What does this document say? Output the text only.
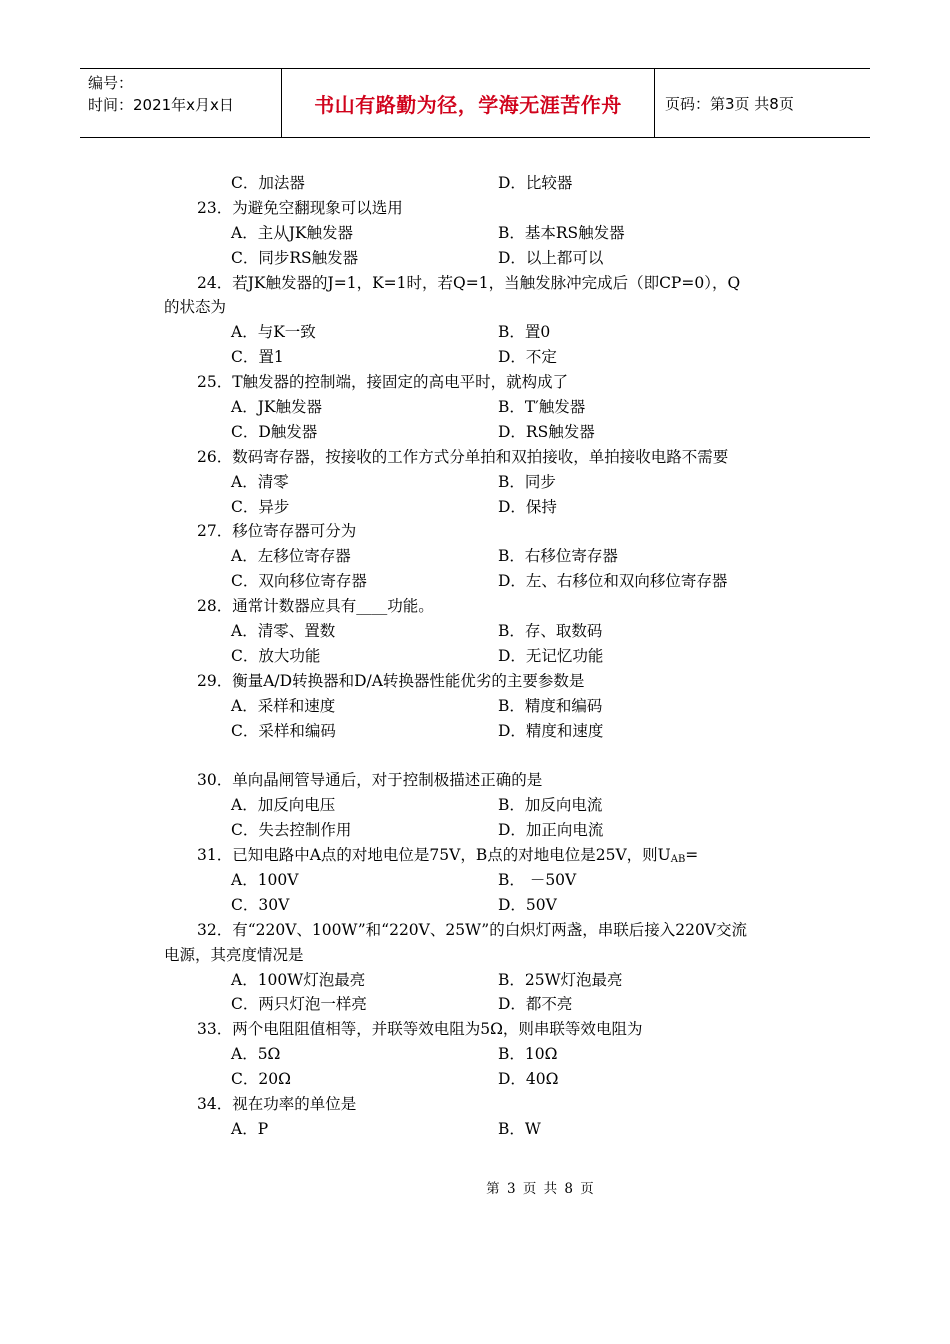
编号：
时间：2021年x月x日	书山有路勤为径，学海无涯苦作舟	页码：第3页 共8页
C．加法器	D．比较器
23．为避免空翻现象可以选用
A．主从JK触发器	B．基本RS触发器
C．同步RS触发器	D．以上都可以
24．若JK触发器的J=1，K=1时，若Q=1，当触发脉冲完成后（即CP=0），Q
的状态为
A．与K一致	B．置0
C．置1	D．不定
25．T触发器的控制端，接固定的高电平时，就构成了
A．JK触发器	B．T′触发器
C．D触发器	D．RS触发器
26．数码寄存器，按接收的工作方式分单拍和双拍接收，单拍接收电路不需要
A．清零	B．同步
C．异步	D．保持
27．移位寄存器可分为
A．左移位寄存器	B．右移位寄存器
C．双向移位寄存器	D．左、右移位和双向移位寄存器
28．通常计数器应具有____功能。
A．清零、置数	B．存、取数码
C．放大功能	D．无记忆功能
29．衡量A/D转换器和D/A转换器性能优劣的主要参数是
A．采样和速度	B．精度和编码
C．采样和编码	D．精度和速度
30．单向晶闸管导通后，对于控制极描述正确的是
A．加反向电压	B．加反向电流
C．失去控制作用	D．加正向电流
31．已知电路中A点的对地电位是75V，B点的对地电位是25V，则$U_{AB}=$
A．100V	B． －50V
C．30V	D．50V
32．有“220V、100W”和“220V、25W”的白炽灯两盏，串联后接入220V交流
电源，其亮度情况是
A．100W灯泡最亮	B．25W灯泡最亮
C．两只灯泡一样亮	D．都不亮
33．两个电阻阻值相等，并联等效电阻为5Ω，则串联等效电阻为
A．5Ω	B．10Ω
C．20Ω	D．40Ω
34．视在功率的单位是
A．P	B．W
第 3 页 共 8 页
